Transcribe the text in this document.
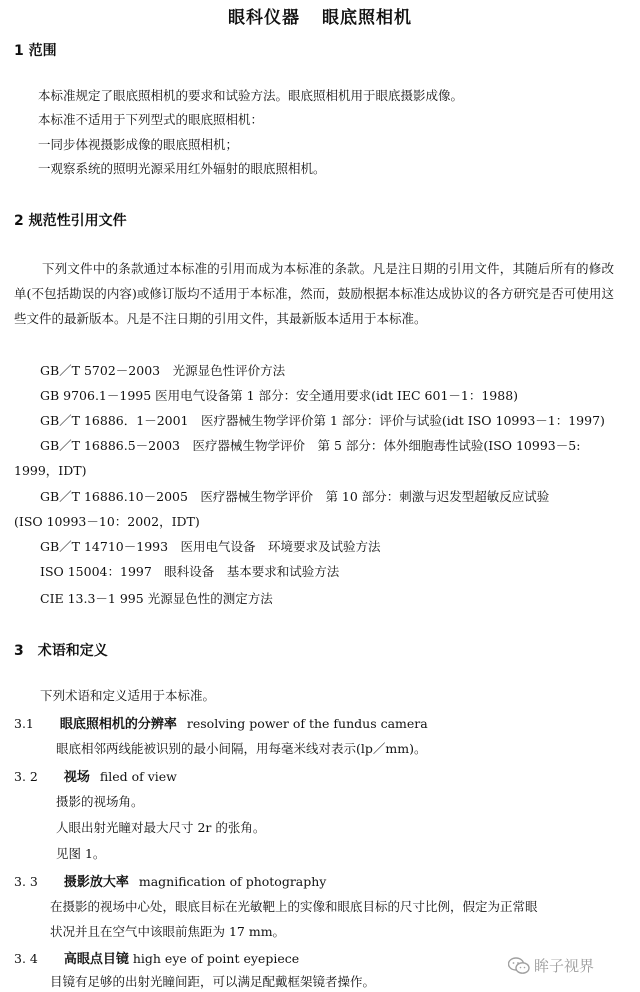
眼科仪器 眼底照相机
1 范围
本标准规定了眼底照相机的要求和试验方法。眼底照相机用于眼底摄影成像。
本标准不适用于下列型式的眼底照相机：
一同步体视摄影成像的眼底照相机；
一观察系统的照明光源采用红外辐射的眼底照相机。
2 规范性引用文件
下列文件中的条款通过本标准的引用而成为本标准的条款。凡是注日期的引用文件，其随后所有的修改单(不包括勘误的内容)或修订版均不适用于本标准，然而，鼓励根据本标准达成协议的各方研究是否可使用这些文件的最新版本。凡是不注日期的引用文件，其最新版本适用于本标准。
GB／T 5702－2003　光源显色性评价方法
GB 9706.1－1995 医用电气设备第 1 部分：安全通用要求(idt IEC 601－1：1988)
GB／T 16886．1－2001　医疗器械生物学评价第 1 部分：评价与试验(idt ISO 10993－1：1997)
GB／T 16886.5－2003　医疗器械生物学评价　第 5 部分：体外细胞毒性试验(ISO 10993－5:
1999，IDT)
GB／T 16886.10－2005　医疗器械生物学评价　第 10 部分：刺激与迟发型超敏反应试验
(ISO 10993－10：2002，IDT)
GB／T 14710－1993　医用电气设备　环境要求及试验方法
ISO 15004：1997　眼科设备　基本要求和试验方法
CIE 13.3－1 995 光源显色性的测定方法
3　术语和定义
下列术语和定义适用于本标准。
3.1 眼底照相机的分辨率 resolving power of the fundus camera
眼底相邻两线能被识别的最小间隔，用每毫米线对表示(lp／mm)。
3. 2 视场 filed of view
摄影的视场角。
人眼出射光瞳对最大尺寸 2r 的张角。
见图 1。
3. 3 摄影放大率 magnification of photography
在摄影的视场中心处，眼底目标在光敏靶上的实像和眼底目标的尺寸比例，假定为正常眼
状况并且在空气中该眼前焦距为 17 mm。
3. 4 高眼点目镜 high eye of point eyepiece
目镜有足够的出射光瞳间距，可以满足配戴框架镜者操作。
眸子视界
